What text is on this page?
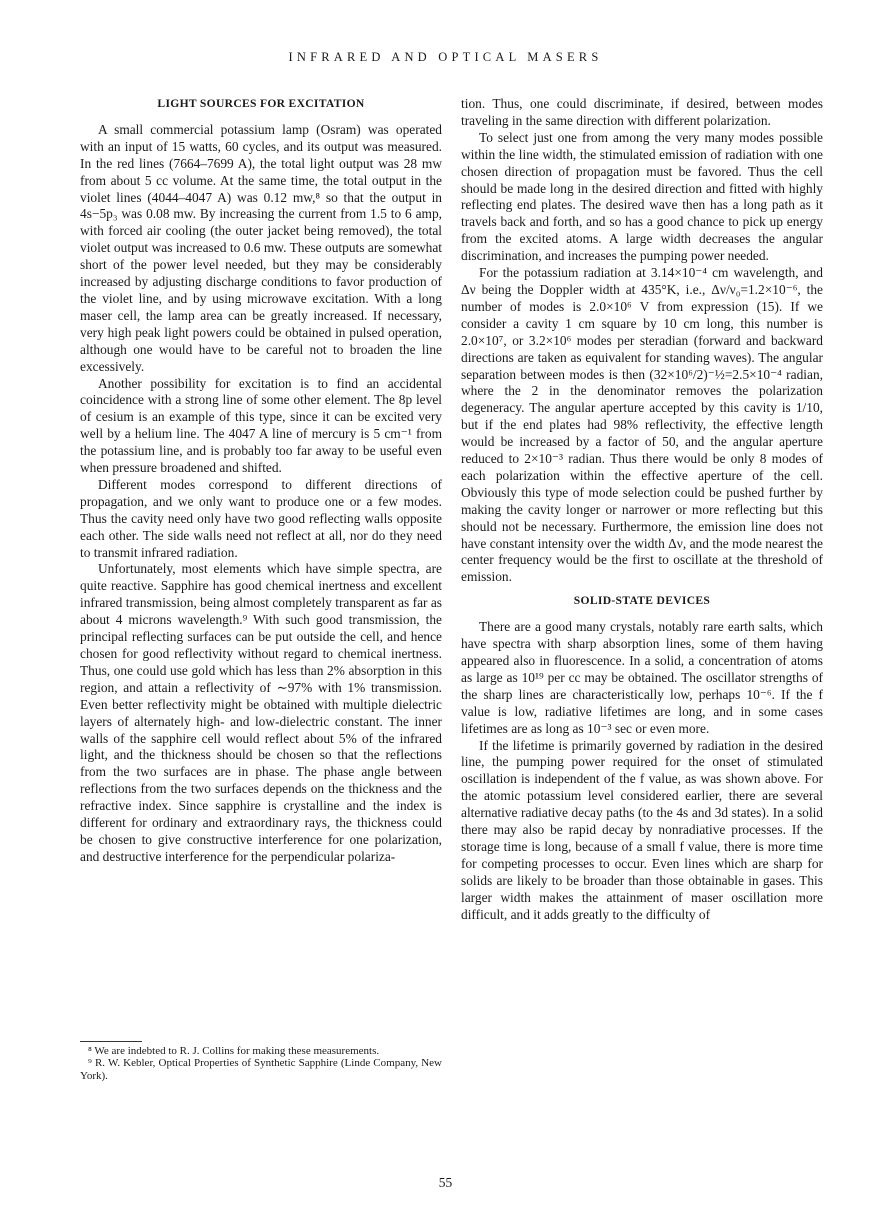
INFRARED AND OPTICAL MASERS
LIGHT SOURCES FOR EXCITATION

A small commercial potassium lamp (Osram) was operated with an input of 15 watts, 60 cycles, and its output was measured. In the red lines (7664–7699 A), the total light output was 28 mw from about 5 cc volume. At the same time, the total output in the violet lines (4044–4047 A) was 0.12 mw,⁸ so that the output in 4s−5p₃ was 0.08 mw. By increasing the current from 1.5 to 6 amp, with forced air cooling (the outer jacket being removed), the total violet output was increased to 0.6 mw. These outputs are somewhat short of the power level needed, but they may be considerably increased by adjusting discharge conditions to favor production of the violet line, and by using microwave excitation. With a long maser cell, the lamp area can be greatly increased. If necessary, very high peak light powers could be obtained in pulsed operation, although one would have to be careful not to broaden the line excessively.

Another possibility for excitation is to find an accidental coincidence with a strong line of some other element. The 8p level of cesium is an example of this type, since it can be excited very well by a helium line. The 4047 A line of mercury is 5 cm⁻¹ from the potassium line, and is probably too far away to be useful even when pressure broadened and shifted.

Different modes correspond to different directions of propagation, and we only want to produce one or a few modes. Thus the cavity need only have two good reflecting walls opposite each other. The side walls need not reflect at all, nor do they need to transmit infrared radiation.

Unfortunately, most elements which have simple spectra, are quite reactive. Sapphire has good chemical inertness and excellent infrared transmission, being almost completely transparent as far as about 4 microns wavelength.⁹ With such good transmission, the principal reflecting surfaces can be put outside the cell, and hence chosen for good reflectivity without regard to chemical inertness. Thus, one could use gold which has less than 2% absorption in this region, and attain a reflectivity of ∼97% with 1% transmission. Even better reflectivity might be obtained with multiple dielectric layers of alternately high- and low-dielectric constant. The inner walls of the sapphire cell would reflect about 5% of the infrared light, and the thickness should be chosen so that the reflections from the two surfaces are in phase. The phase angle between reflections from the two surfaces depends on the thickness and the refractive index. Since sapphire is crystalline and the index is different for ordinary and extraordinary rays, the thickness could be chosen to give constructive interference for one polarization, and destructive interference for the perpendicular polariza-

⁸ We are indebted to R. J. Collins for making these measurements.

⁹ R. W. Kebler, Optical Properties of Synthetic Sapphire (Linde Company, New York).

tion. Thus, one could discriminate, if desired, between modes traveling in the same direction with different polarization.

To select just one from among the very many modes possible within the line width, the stimulated emission of radiation with one chosen direction of propagation must be favored. Thus the cell should be made long in the desired direction and fitted with highly reflecting end plates. The desired wave then has a long path as it travels back and forth, and so has a good chance to pick up energy from the excited atoms. A large width decreases the angular discrimination, and increases the pumping power needed.

For the potassium radiation at 3.14×10⁻⁴ cm wavelength, and Δν being the Doppler width at 435°K, i.e., Δν/ν₀=1.2×10⁻⁶, the number of modes is 2.0×10⁶ V from expression (15). If we consider a cavity 1 cm square by 10 cm long, this number is 2.0×10⁷, or 3.2×10⁶ modes per steradian (forward and backward directions are taken as equivalent for standing waves). The angular separation between modes is then (32×10⁶/2)⁻½=2.5×10⁻⁴ radian, where the 2 in the denominator removes the polarization degeneracy. The angular aperture accepted by this cavity is 1/10, but if the end plates had 98% reflectivity, the effective length would be increased by a factor of 50, and the angular aperture reduced to 2×10⁻³ radian. Thus there would be only 8 modes of each polarization within the effective aperture of the cell. Obviously this type of mode selection could be pushed further by making the cavity longer or narrower or more reflecting but this should not be necessary. Furthermore, the emission line does not have constant intensity over the width Δν, and the mode nearest the center frequency would be the first to oscillate at the threshold of emission.

SOLID-STATE DEVICES

There are a good many crystals, notably rare earth salts, which have spectra with sharp absorption lines, some of them having appeared also in fluorescence. In a solid, a concentration of atoms as large as 10¹⁹ per cc may be obtained. The oscillator strengths of the sharp lines are characteristically low, perhaps 10⁻⁶. If the f value is low, radiative lifetimes are long, and in some cases lifetimes are as long as 10⁻³ sec or even more.

If the lifetime is primarily governed by radiation in the desired line, the pumping power required for the onset of stimulated oscillation is independent of the f value, as was shown above. For the atomic potassium level considered earlier, there are several alternative radiative decay paths (to the 4s and 3d states). In a solid there may also be rapid decay by nonradiative processes. If the storage time is long, because of a small f value, there is more time for competing processes to occur. Even lines which are sharp for solids are likely to be broader than those obtainable in gases. This larger width makes the attainment of maser oscillation more difficult, and it adds greatly to the difficulty of

55
